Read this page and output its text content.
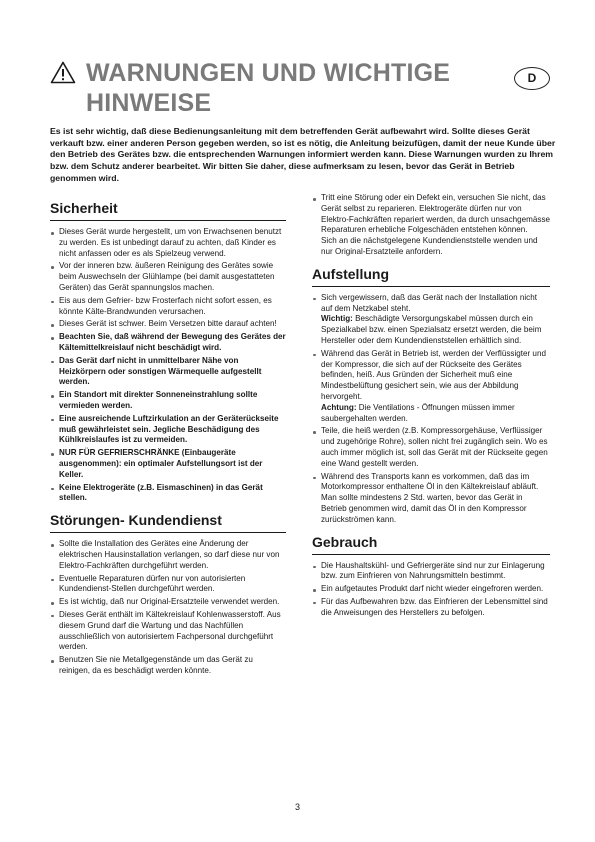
WARNUNGEN UND WICHTIGE
HINWEISE
D

Es ist sehr wichtig, daß diese Bedienungsanleitung mit dem betreffenden Gerät aufbewahrt wird. Sollte dieses Gerät verkauft bzw. einer anderen Person gegeben werden, so ist es nötig, die Anleitung beizufügen, damit der neue Kunde über den Betrieb des Gerätes bzw. die entsprechenden Warnungen informiert werden kann. Diese Warnungen wurden zu Ihrem bzw. dem Schutz anderer bearbeitet. Wir bitten Sie daher, diese aufmerksam zu lesen, bevor das Gerät in Betrieb genommen wird.

Sicherheit
Dieses Gerät wurde hergestellt, um von Erwachsenen benutzt zu werden. Es ist unbedingt darauf zu achten, daß Kinder es nicht anfassen oder es als Spielzeug verwend.
Vor der inneren bzw. äußeren Reinigung des Gerätes sowie beim Auswechseln der Glühlampe (bei damit ausgestatteten Geräten) das Gerät spannungslos machen.
Eis aus dem Gefrier- bzw Frosterfach nicht sofort essen, es könnte Kälte-Brandwunden verursachen.
Dieses Gerät ist schwer. Beim Versetzen bitte darauf achten!
Beachten Sie, daß während der Bewegung des Gerätes der Kältemittelkreislauf nicht beschädigt wird.
Das Gerät darf nicht in unmittelbarer Nähe von Heizkörpern oder sonstigen Wärmequelle aufgestellt werden.
Ein Standort mit direkter Sonneneinstrahlung sollte vermieden werden.
Eine ausreichende Luftzirkulation an der Geräterückseite muß gewährleistet sein. Jegliche Beschädigung des Kühlkreislaufes ist zu vermeiden.
NUR FÜR GEFRIERSCHRÄNKE (Einbaugeräte ausgenommen): ein optimaler Aufstellungsort ist der Keller.
Keine Elektrogeräte (z.B. Eismaschinen) in das Gerät stellen.
Störungen- Kundendienst
Sollte die Installation des Gerätes eine Änderung der elektrischen Hausinstallation verlangen, so darf diese nur von Elektro-Fachkräften durchgeführt werden.
Eventuelle Reparaturen dürfen nur von autorisierten Kundendienst-Stellen durchgeführt werden.
Es ist wichtig, daß nur Original-Ersatzteile verwendet werden.
Dieses Gerät enthält im Kältekreislauf Kohlenwasserstoff. Aus diesem Grund darf die Wartung und das Nachfüllen ausschließlich von autorisiertem Fachpersonal durchgeführt werden.
Benutzen Sie nie Metallgegenstände um das Gerät zu reinigen, da es beschädigt werden könnte.
Tritt eine Störung oder ein Defekt ein, versuchen Sie nicht, das Gerät selbst zu reparieren. Elektrogeräte dürfen nur von Elektro-Fachkräften repariert werden, da durch unsachgemässe Reparaturen erhebliche Folgeschäden entstehen können.
Sich an die nächstgelegene Kundendienststelle wenden und nur Original-Ersatzteile anfordern.
Aufstellung
Sich vergewissern, daß das Gerät nach der Installation nicht auf dem Netzkabel steht.
Wichtig: Beschädigte Versorgungskabel müssen durch ein Spezialkabel bzw. einen Spezialsatz ersetzt werden, die beim Hersteller oder dem Kundendienststellen erhältlich sind.
Während das Gerät in Betrieb ist, werden der Verflüssigter und der Kompressor, die sich auf der Rückseite des Gerätes befinden, heiß. Aus Gründen der Sicherheit muß eine Mindestbelüftung gesichert sein, wie aus der Abbildung hervorgeht.
Achtung: Die Ventilations - Öffnungen müssen immer saubergehalten werden.
Teile, die heiß werden (z.B. Kompressorgehäuse, Verflüssiger und zugehörige Rohre), sollen nicht frei zugänglich sein. Wo es auch immer möglich ist, soll das Gerät mit der Rückseite gegen eine Wand gestellt werden.
Während des Transports kann es vorkommen, daß das im Motorkompressor enthaltene Öl in den Kältekreislauf abläuft. Man sollte mindestens 2 Std. warten, bevor das Gerät in Betrieb genommen wird, damit das Öl in den Kompressor zurückströmen kann.
Gebrauch
Die Haushaltskühl- und Gefriergeräte sind nur zur Einlagerung bzw. zum Einfrieren von Nahrungsmitteln bestimmt.
Ein aufgetautes Produkt darf nicht wieder eingefroren werden.
Für das Aufbewahren bzw. das Einfrieren der Lebensmittel sind die Anweisungen des Herstellers zu befolgen.
3
